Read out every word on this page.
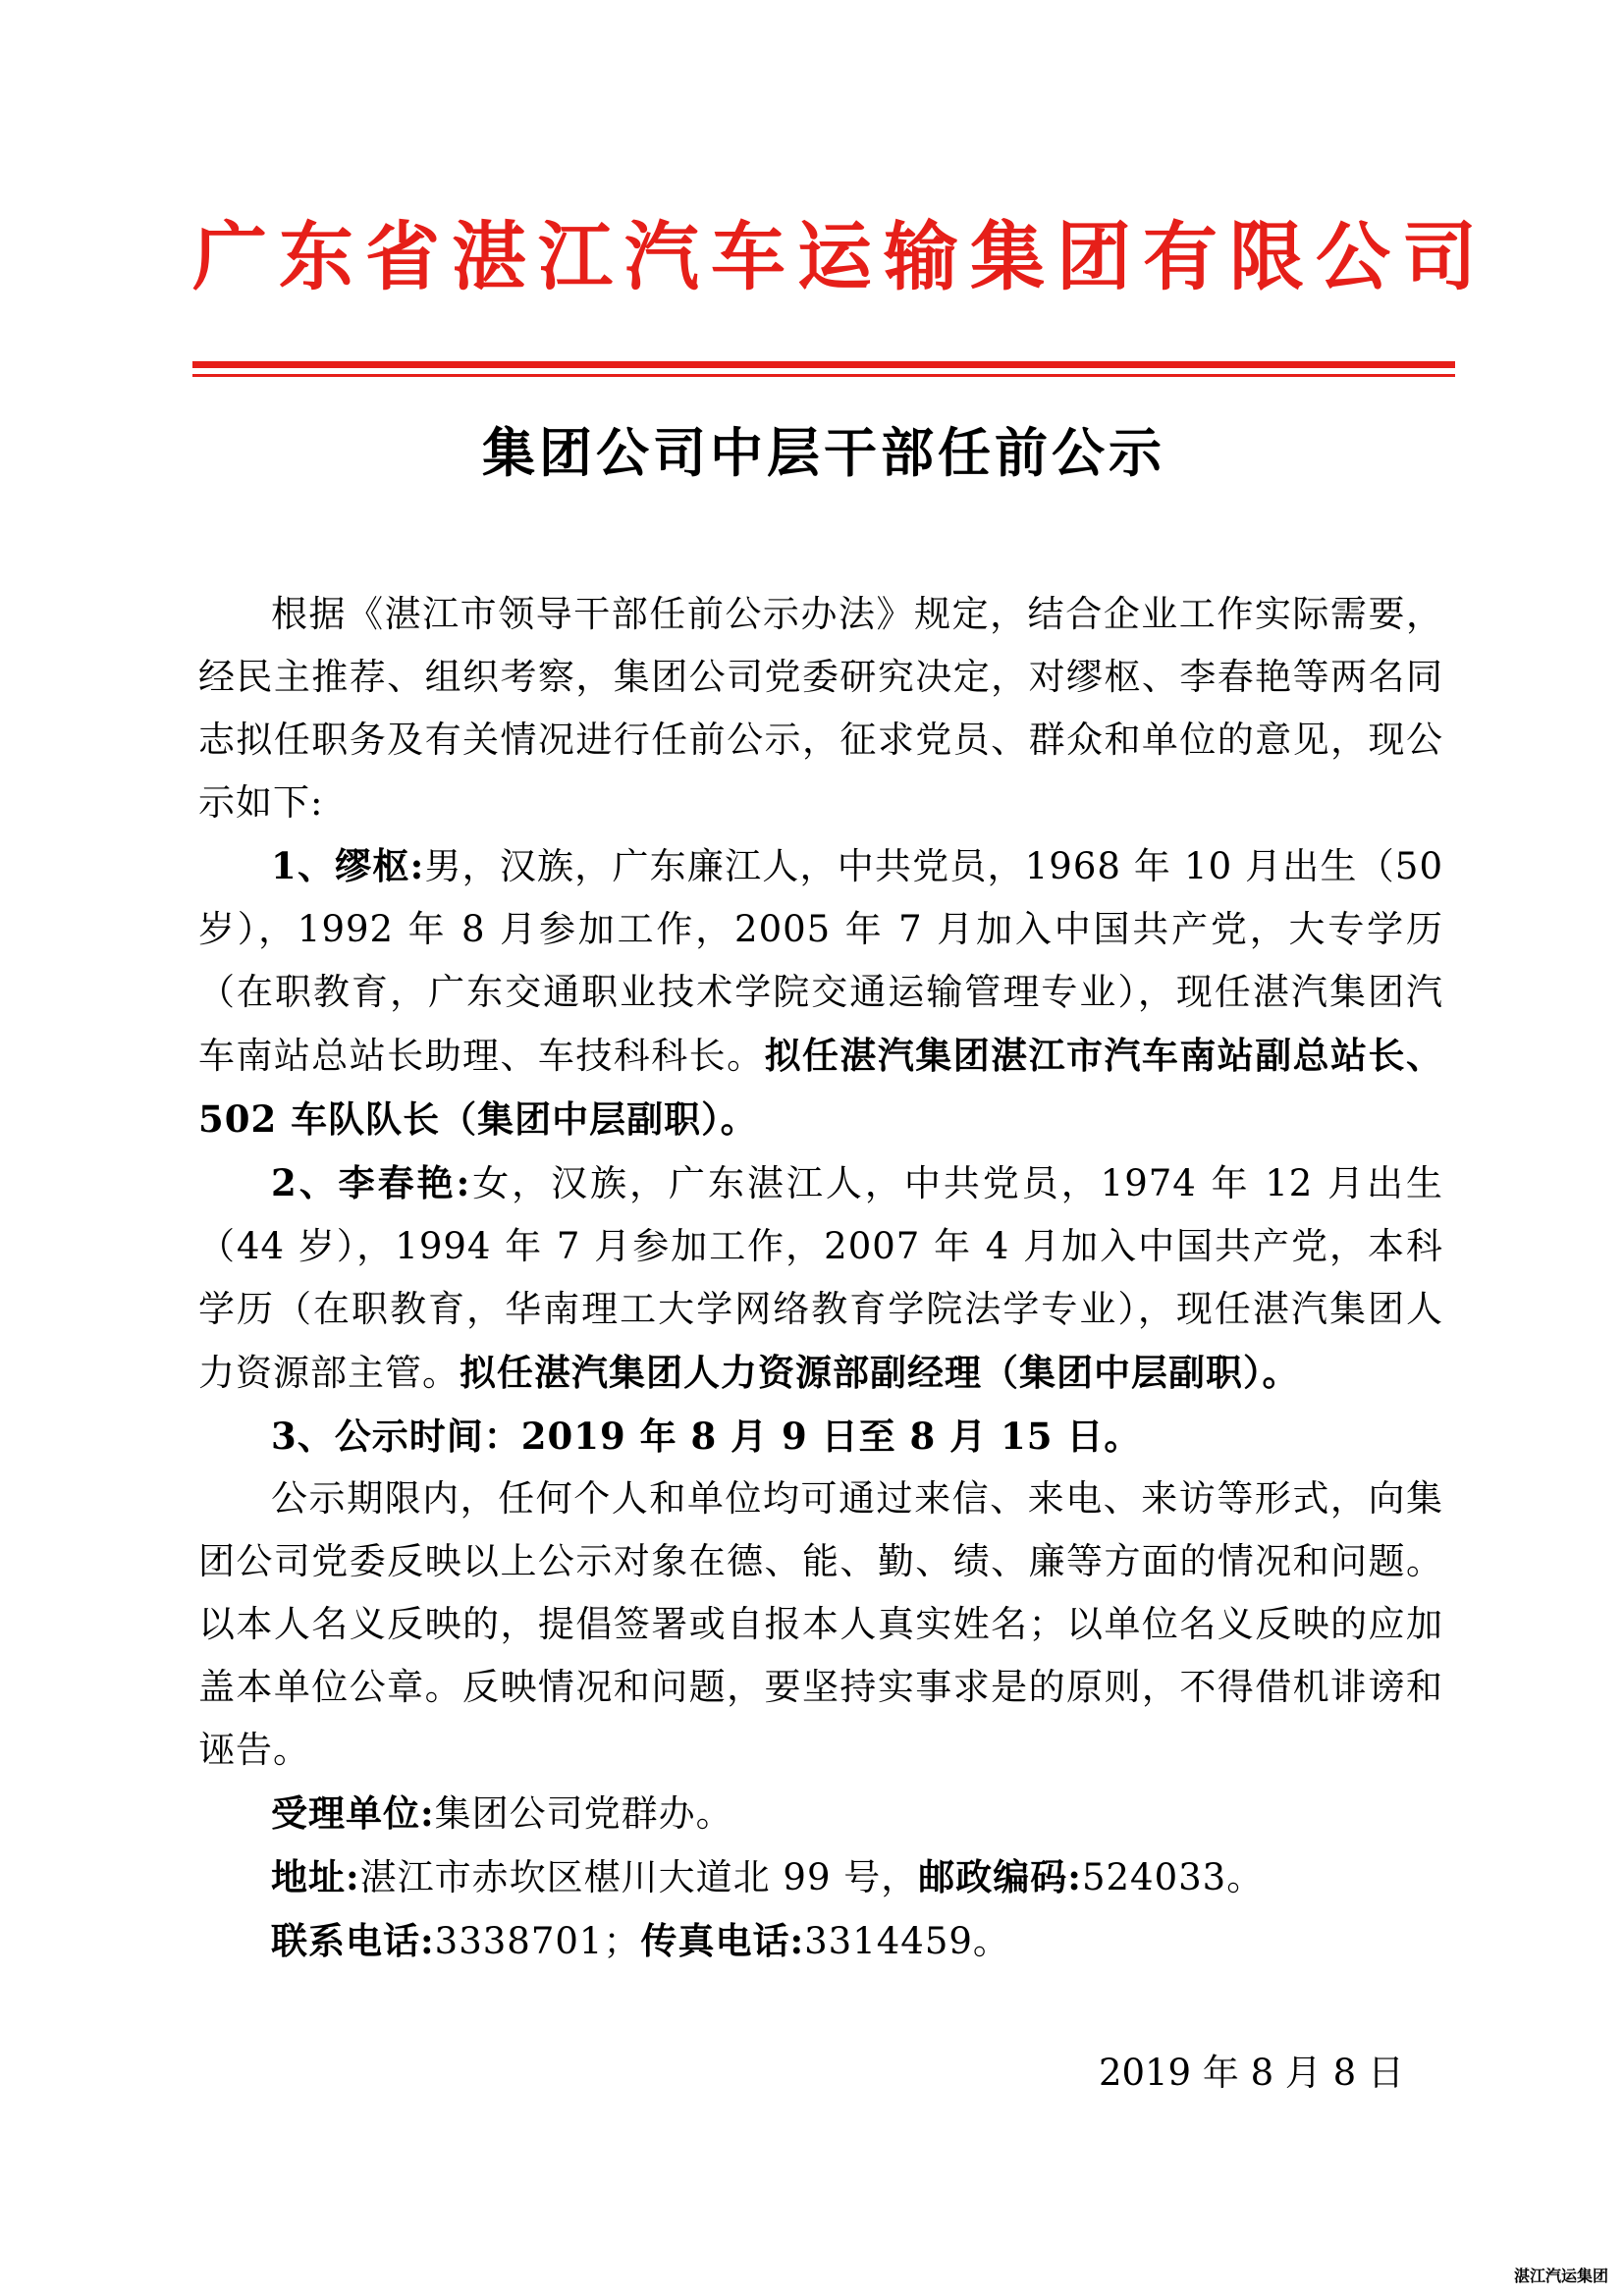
广东省湛江汽车运输集团有限公司
集团公司中层干部任前公示

根据《湛江市领导干部任前公示办法》规定，结合企业工作实际需要，经民主推荐、组织考察，集团公司党委研究决定，对缪枢、李春艳等两名同志拟任职务及有关情况进行任前公示，征求党员、群众和单位的意见，现公示如下:

1、缪枢:男，汉族，广东廉江人，中共党员，1968 年 10 月出生（50 岁），1992 年 8 月参加工作，2005 年 7 月加入中国共产党，大专学历（在职教育，广东交通职业技术学院交通运输管理专业），现任湛汽集团汽车南站总站长助理、车技科科长。拟任湛汽集团湛江市汽车南站副总站长、502 车队队长（集团中层副职）。

2、李春艳:女，汉族，广东湛江人，中共党员，1974 年 12 月出生（44 岁），1994 年 7 月参加工作，2007 年 4 月加入中国共产党，本科学历（在职教育，华南理工大学网络教育学院法学专业），现任湛汽集团人力资源部主管。拟任湛汽集团人力资源部副经理（集团中层副职）。

3、公示时间：2019 年 8 月 9 日至 8 月 15 日。

公示期限内，任何个人和单位均可通过来信、来电、来访等形式，向集团公司党委反映以上公示对象在德、能、勤、绩、廉等方面的情况和问题。以本人名义反映的，提倡签署或自报本人真实姓名；以单位名义反映的应加盖本单位公章。反映情况和问题，要坚持实事求是的原则，不得借机诽谤和诬告。

受理单位:集团公司党群办。

地址:湛江市赤坎区椹川大道北 99 号，邮政编码:524033。

联系电话:3338701；传真电话:3314459。

2019 年 8 月 8 日
湛江汽运集团
